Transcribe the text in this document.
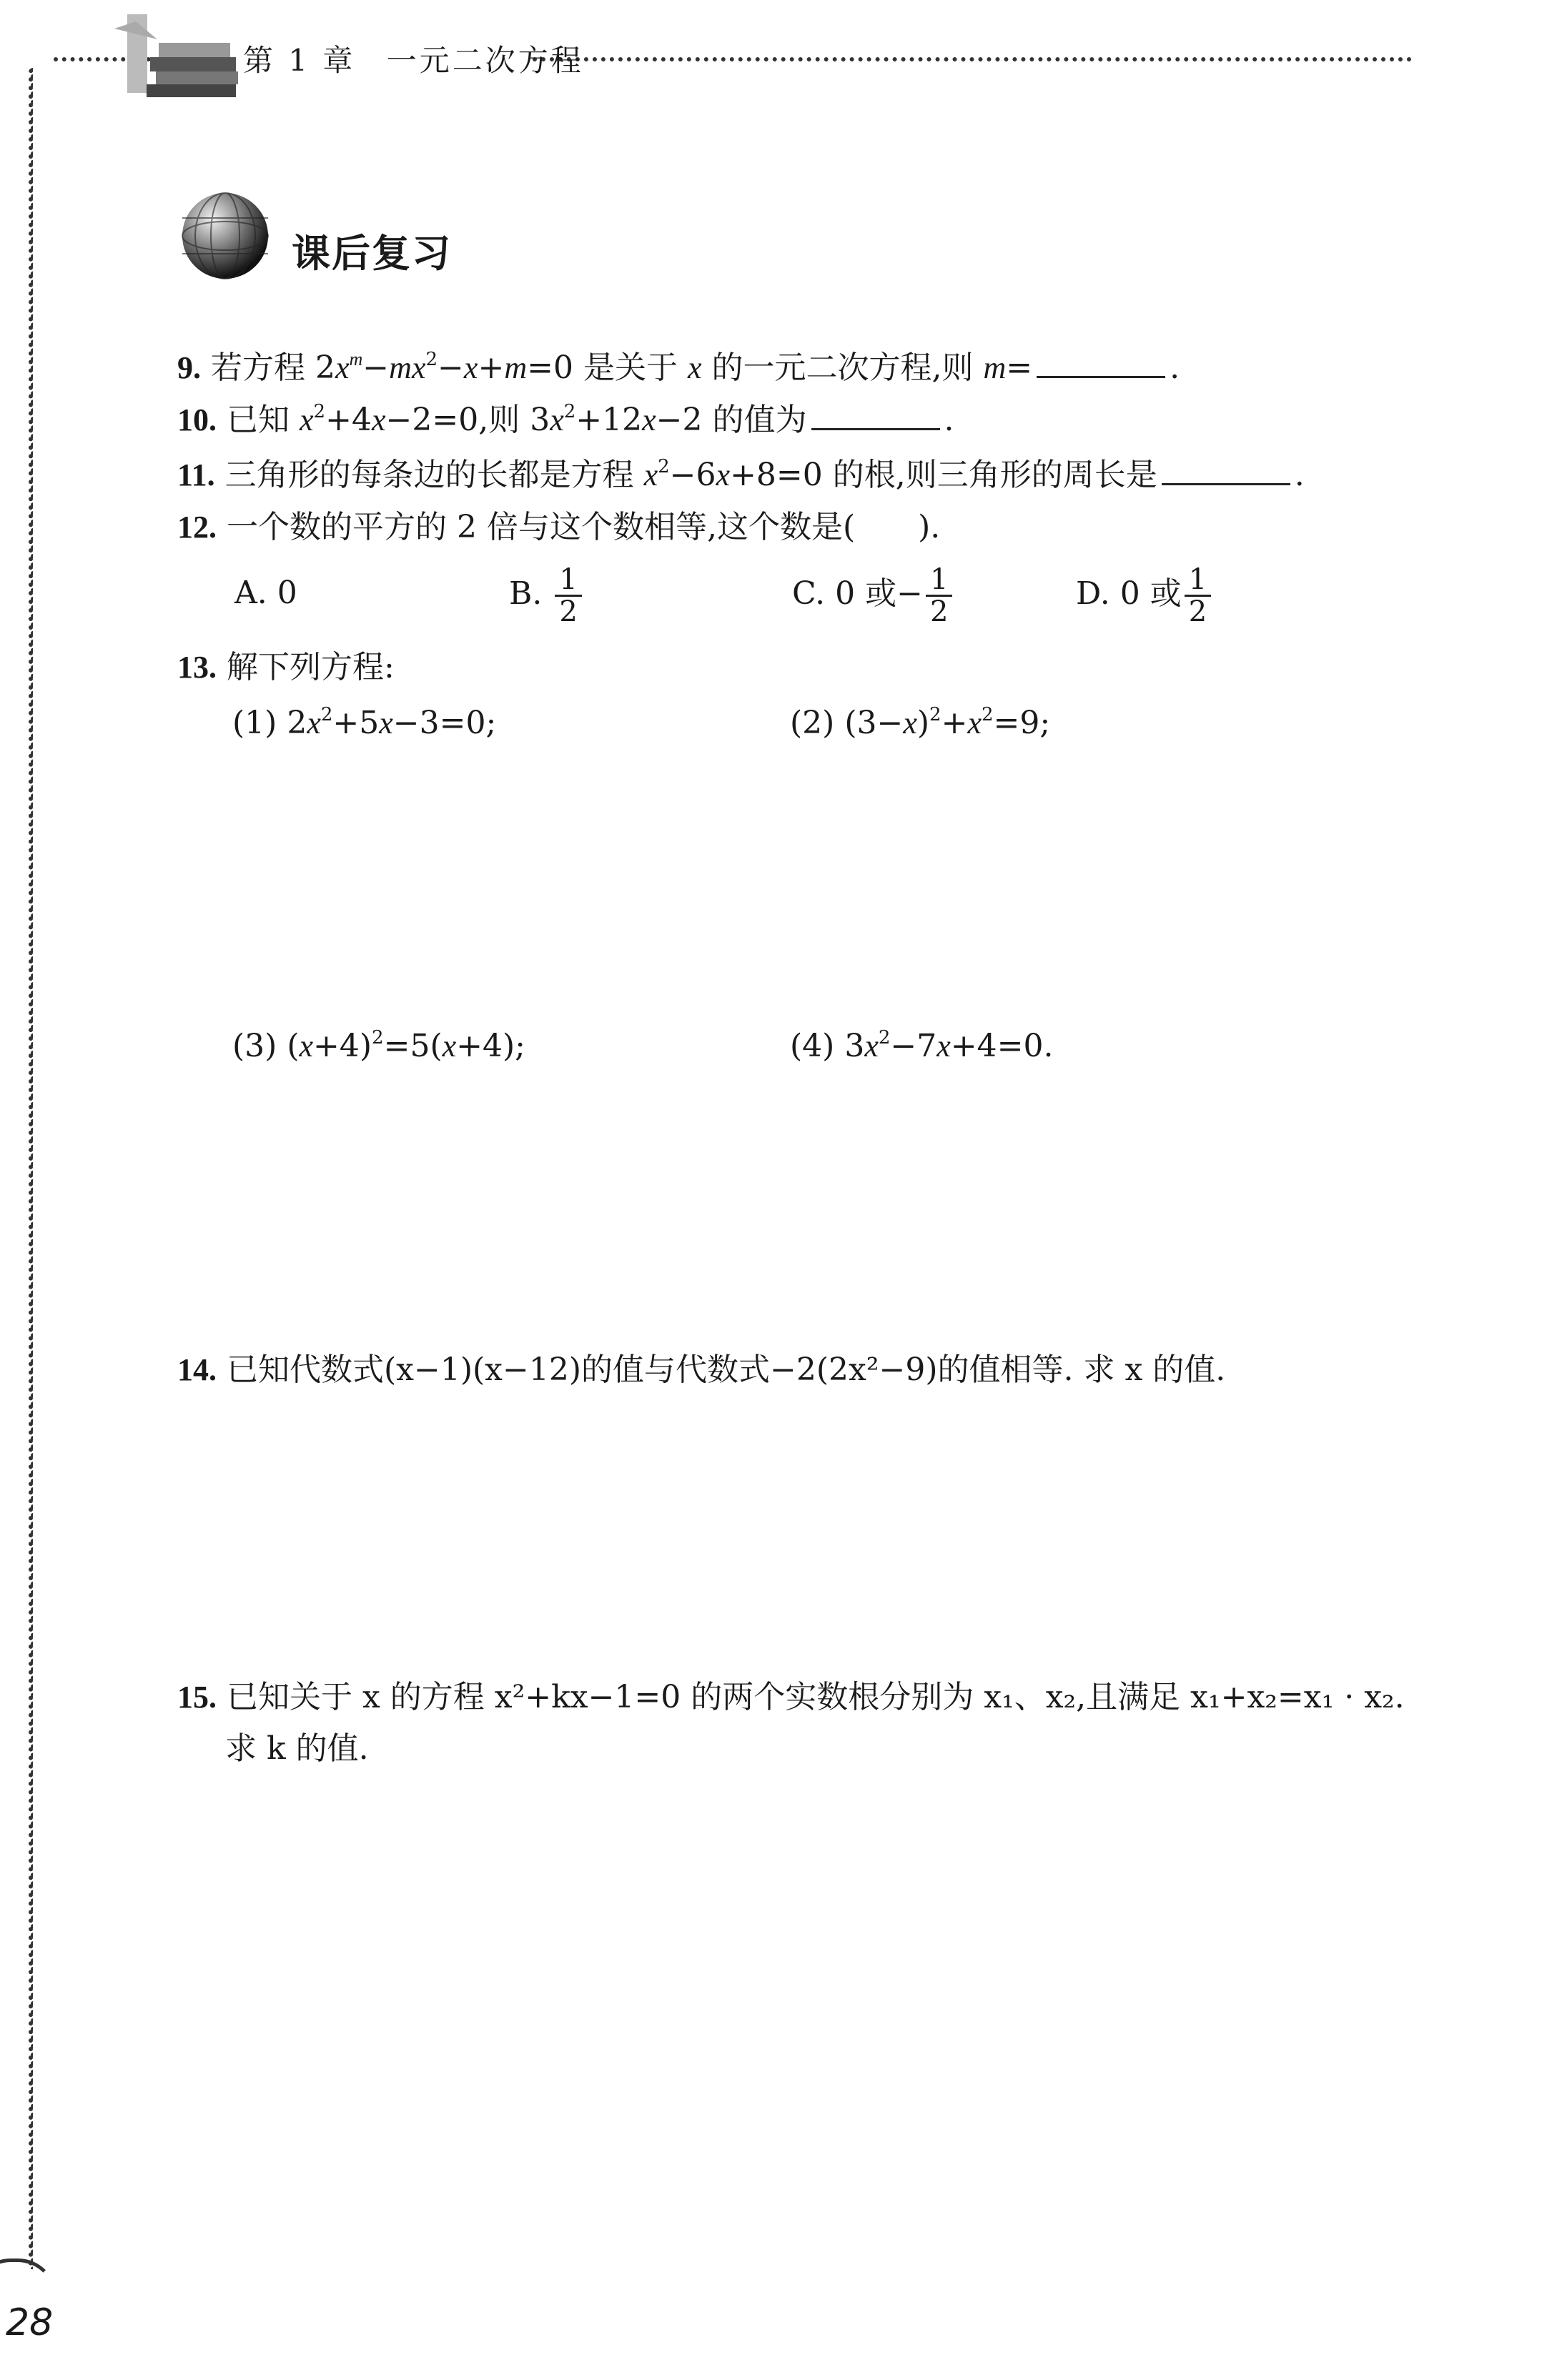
第 1 章 一元二次方程
课后复习
9. 若方程 $2x^m-mx^2-x+m=0$ 是关于 x 的一元二次方程,则 m=	.
10. 已知 $x^2+4x-2=0$,则 $3x^2+12x-2$ 的值为	.
11. 三角形的每条边的长都是方程 $x^2-6x+8=0$ 的根,则三角形的周长是	.
12. 一个数的平方的 2 倍与这个数相等,这个数是(　　).
A. 0	B. $\frac{1}{2}$	C. 0 或− $\frac{1}{2}$	D. 0 或 $\frac{1}{2}$
13. 解下列方程:
(1) $2x^2+5x-3=0$;	(2) $(3-x)^2+x^2=9$;
(3) $(x+4)^2=5(x+4)$;	(4) $3x^2-7x+4=0$.
14. 已知代数式(x−1)(x−12)的值与代数式−2(2x²−9)的值相等. 求 x 的值.
15. 已知关于 x 的方程 x²+kx−1=0 的两个实数根分别为 x₁、x₂,且满足 x₁+x₂=x₁ · x₂.
求 k 的值.
28
